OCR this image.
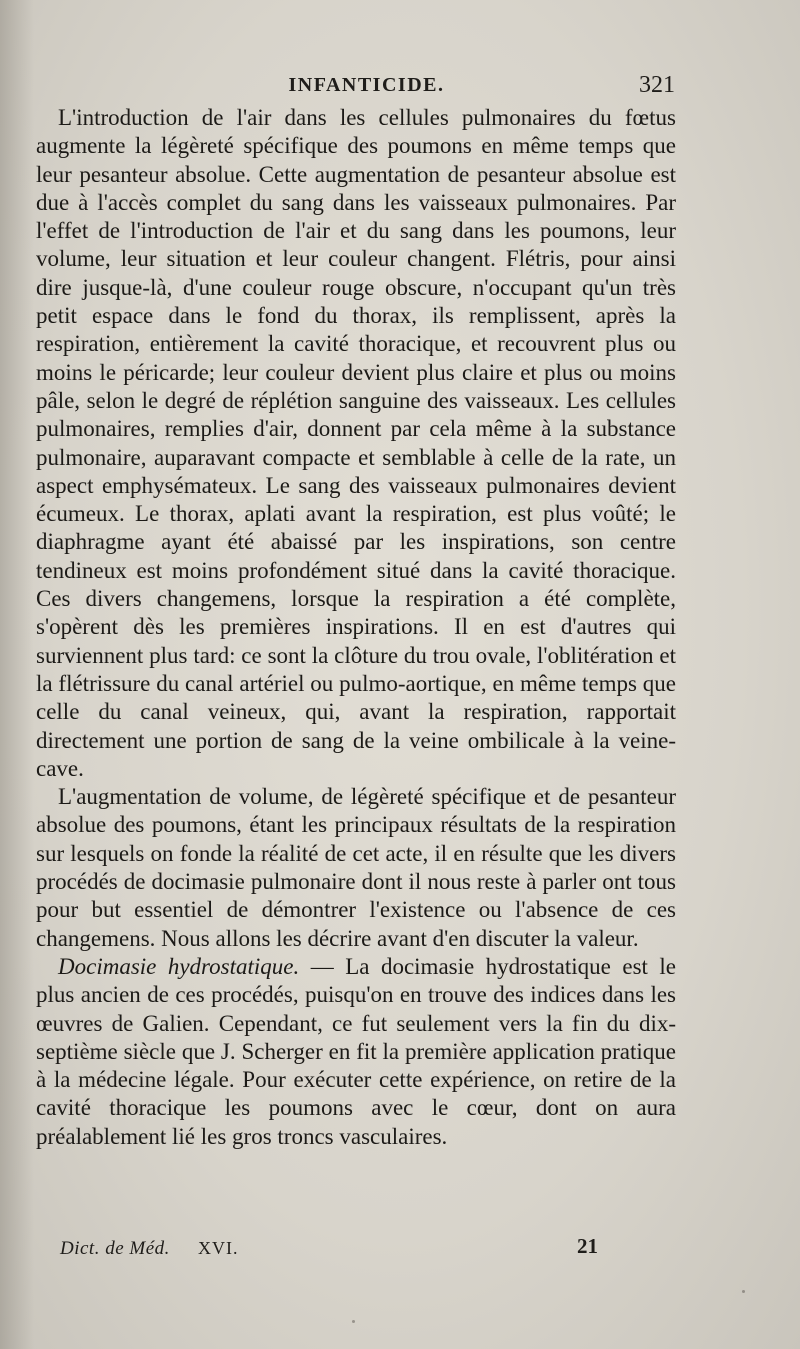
INFANTICIDE.	321

L'introduction de l'air dans les cellules pulmonaires du fœtus augmente la légèreté spécifique des poumons en même temps que leur pesanteur absolue. Cette augmentation de pesanteur absolue est due à l'accès complet du sang dans les vaisseaux pulmonaires. Par l'effet de l'introduction de l'air et du sang dans les poumons, leur volume, leur situation et leur couleur changent. Flétris, pour ainsi dire jusque-là, d'une couleur rouge obscure, n'occupant qu'un très petit espace dans le fond du thorax, ils remplissent, après la respiration, entièrement la cavité thoracique, et recouvrent plus ou moins le péricarde; leur couleur devient plus claire et plus ou moins pâle, selon le degré de réplétion sanguine des vaisseaux. Les cellules pulmonaires, remplies d'air, donnent par cela même à la substance pulmonaire, auparavant compacte et semblable à celle de la rate, un aspect emphysémateux. Le sang des vaisseaux pulmonaires devient écumeux. Le thorax, aplati avant la respiration, est plus voûté; le diaphragme ayant été abaissé par les inspirations, son centre tendineux est moins profondément situé dans la cavité thoracique. Ces divers changemens, lorsque la respiration a été complète, s'opèrent dès les premières inspirations. Il en est d'autres qui surviennent plus tard: ce sont la clôture du trou ovale, l'oblitération et la flétrissure du canal artériel ou pulmo-aortique, en même temps que celle du canal veineux, qui, avant la respiration, rapportait directement une portion de sang de la veine ombilicale à la veine-cave.

L'augmentation de volume, de légèreté spécifique et de pesanteur absolue des poumons, étant les principaux résultats de la respiration sur lesquels on fonde la réalité de cet acte, il en résulte que les divers procédés de docimasie pulmonaire dont il nous reste à parler ont tous pour but essentiel de démontrer l'existence ou l'absence de ces changemens. Nous allons les décrire avant d'en discuter la valeur.

Docimasie hydrostatique. — La docimasie hydrostatique est le plus ancien de ces procédés, puisqu'on en trouve des indices dans les œuvres de Galien. Cependant, ce fut seulement vers la fin du dix-septième siècle que J. Scherger en fit la première application pratique à la médecine légale. Pour exécuter cette expérience, on retire de la cavité thoracique les poumons avec le cœur, dont on aura préalablement lié les gros troncs vasculaires.

Dict. de Méd. XVI.	21
